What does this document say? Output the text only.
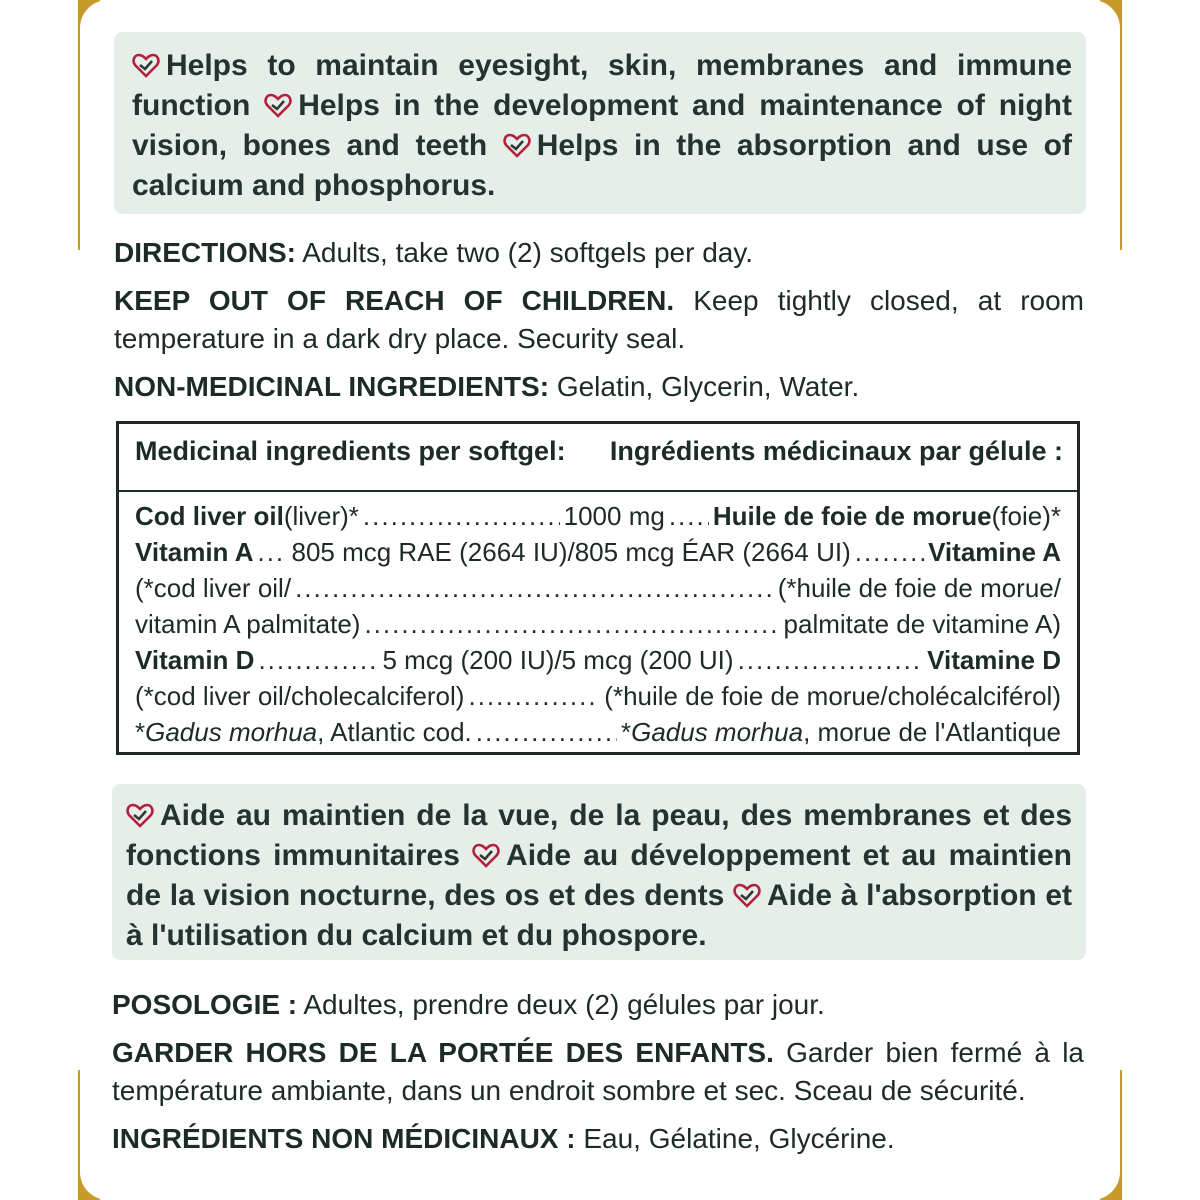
Helps to maintain eyesight, skin, membranes and immune function Helps in the development and maintenance of night vision, bones and teeth Helps in the absorption and use of calcium and phosphorus.
DIRECTIONS: Adults, take two (2) softgels per day.
KEEP OUT OF REACH OF CHILDREN. Keep tightly closed, at room temperature in a dark dry place. Security seal.
NON-MEDICINAL INGREDIENTS: Gelatin, Glycerin, Water.
Medicinal ingredients per softgel: Ingrédients médicinaux par gélule :
Cod liver oil (liver)* .....	1000 mg ..... Huile de foie de morue (foie)*
Vitamin A ..... 805 mcg RAE (2664 IU)/805 mcg ÉAR (2664 UI) .....	Vitamine A
(*cod liver oil/ .....	(*huile de foie de morue/
vitamin A palmitate) .....	palmitate de vitamine A)
Vitamin D .....	5 mcg (200 IU)/5 mcg (200 UI) .....	Vitamine D
(*cod liver oil/cholecalciferol) .....	(*huile de foie de morue/cholécalciférol)
* Gadus morhua , Atlantic cod. .....	* Gadus morhua , morue de l'Atlantique
Aide au maintien de la vue, de la peau, des membranes et des fonctions immunitaires Aide au développement et au maintien de la vision nocturne, des os et des dents Aide à l'absorption et à l'utilisation du calcium et du phospore.
POSOLOGIE : Adultes, prendre deux (2) gélules par jour.
GARDER HORS DE LA PORTÉE DES ENFANTS. Garder bien fermé à la température ambiante, dans un endroit sombre et sec. Sceau de sécurité.
INGRÉDIENTS NON MÉDICINAUX : Eau, Gélatine, Glycérine.
